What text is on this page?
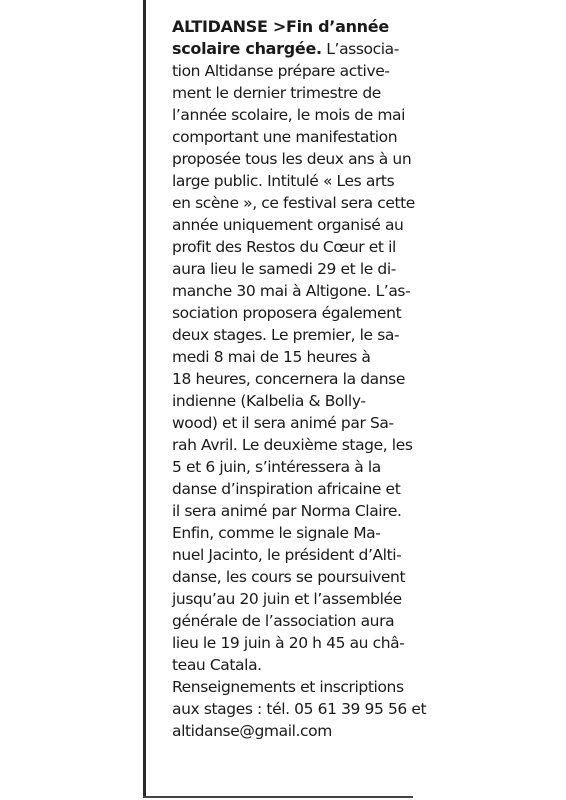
ALTIDANSE >Fin d’année
scolaire chargée. L’associa-
tion Altidanse prépare active-
ment le dernier trimestre de
l’année scolaire, le mois de mai
comportant une manifestation
proposée tous les deux ans à un
large public. Intitulé « Les arts
en scène », ce festival sera cette
année uniquement organisé au
profit des Restos du Cœur et il
aura lieu le samedi 29 et le di-
manche 30 mai à Altigone. L’as-
sociation proposera également
deux stages. Le premier, le sa-
medi 8 mai de 15 heures à
18 heures, concernera la danse
indienne (Kalbelia & Bolly-
wood) et il sera animé par Sa-
rah Avril. Le deuxième stage, les
5 et 6 juin, s’intéressera à la
danse d’inspiration africaine et
il sera animé par Norma Claire.
Enfin, comme le signale Ma-
nuel Jacinto, le président d’Alti-
danse, les cours se poursuivent
jusqu’au 20 juin et l’assemblée
générale de l’association aura
lieu le 19 juin à 20 h 45 au châ-
teau Catala.
Renseignements et inscriptions
aux stages : tél. 05 61 39 95 56 et
altidanse@gmail.com
